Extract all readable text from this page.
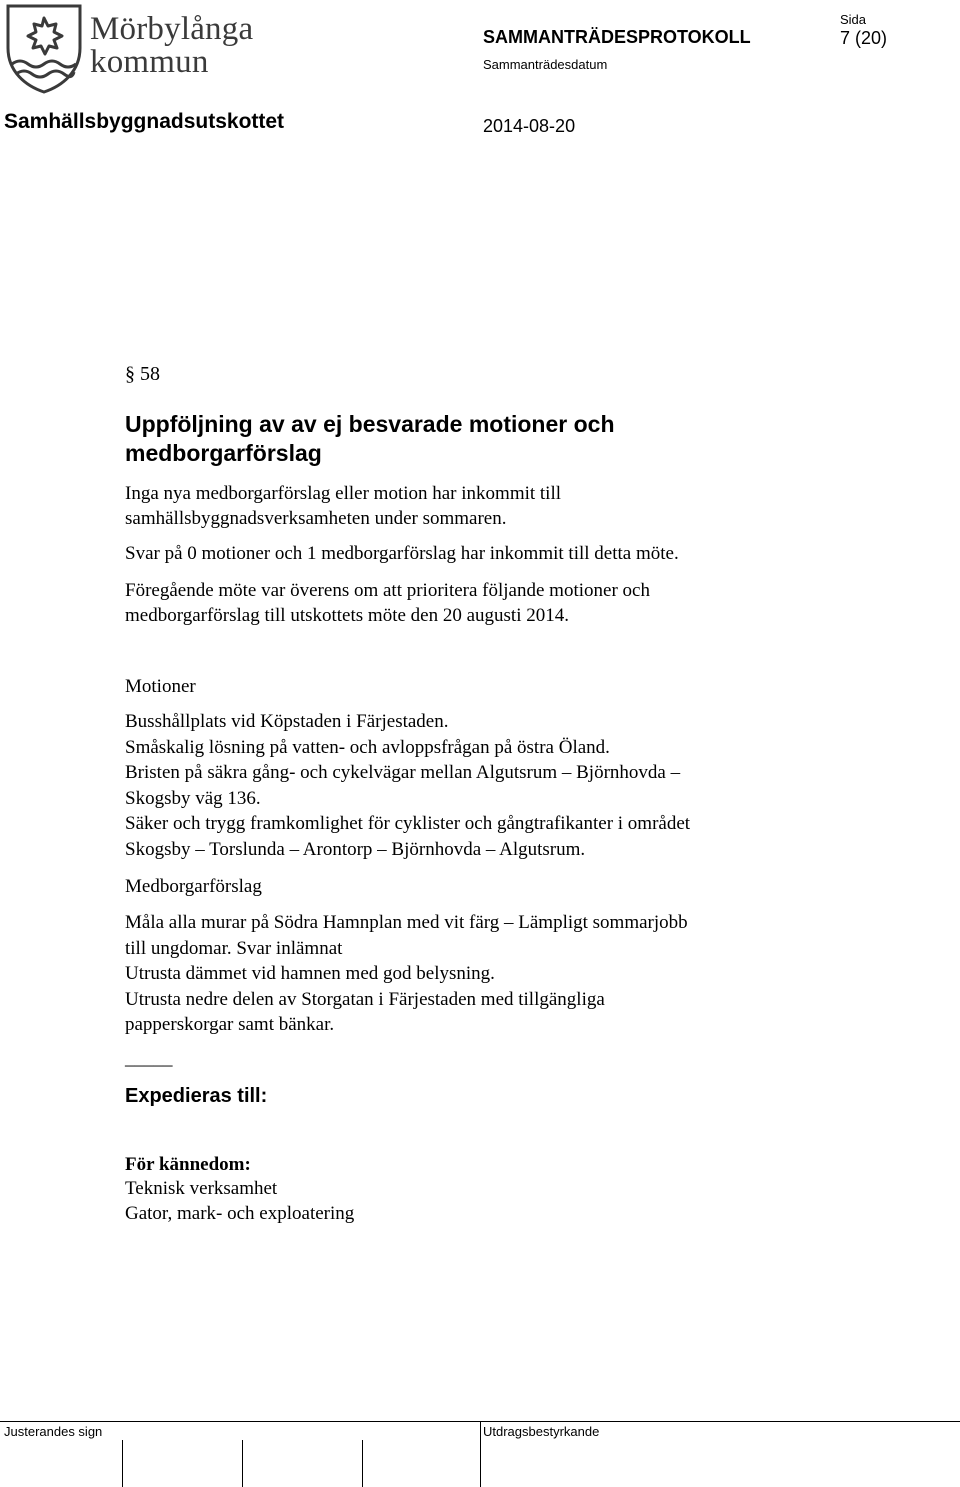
Mörbylånga
kommun
SAMMANTRÄDESPROTOKOLL
Sammanträdesdatum
Sida
7 (20)
Samhällsbyggnadsutskottet	2014-08-20
§ 58

Uppföljning av av ej besvarade motioner och

medborgarförslag

Inga nya medborgarförslag eller motion har inkommit till

samhällsbyggnadsverksamheten under sommaren.

Svar på 0 motioner och 1 medborgarförslag har inkommit till detta möte.

Föregående möte var överens om att prioritera följande motioner och

medborgarförslag till utskottets möte den 20 augusti 2014.

Motioner

Busshållplats vid Köpstaden i Färjestaden.

Småskalig lösning på vatten- och avloppsfrågan på östra Öland.

Bristen på säkra gång- och cykelvägar mellan Algutsrum – Björnhovda –

Skogsby väg 136.

Säker och trygg framkomlighet för cyklister och gångtrafikanter i området

Skogsby – Torslunda – Arontorp – Björnhovda – Algutsrum.

Medborgarförslag

Måla alla murar på Södra Hamnplan med vit färg – Lämpligt sommarjobb

till ungdomar. Svar inlämnat

Utrusta dämmet vid hamnen med god belysning.

Utrusta nedre delen av Storgatan i Färjestaden med tillgängliga

papperskorgar samt bänkar.

_____

Expedieras till:

För kännedom:

Teknisk verksamhet

Gator, mark- och exploatering

Justerandes sign	Utdragsbestyrkande
